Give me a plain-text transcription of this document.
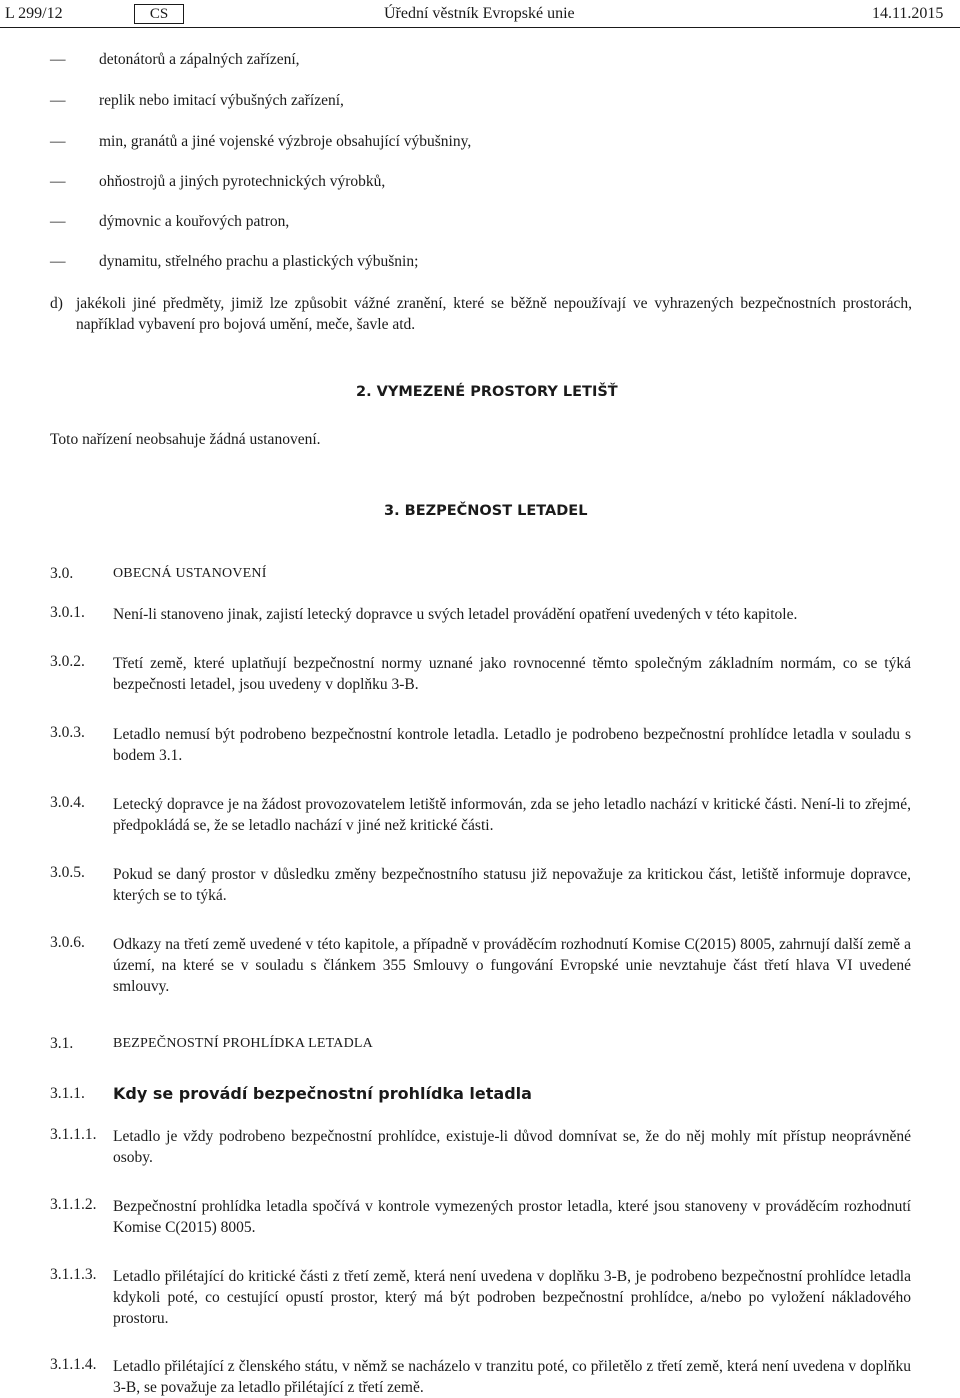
L 299/12	CS	Úřední věstník Evropské unie	14.11.2015
— detonátorů a zápalných zařízení,
— replik nebo imitací výbušných zařízení,
— min, granátů a jiné vojenské výzbroje obsahující výbušniny,
— ohňostrojů a jiných pyrotechnických výrobků,
— dýmovnic a kouřových patron,
— dynamitu, střelného prachu a plastických výbušnin;
d) jakékoli jiné předměty, jimiž lze způsobit vážné zranění, které se běžně nepoužívají ve vyhrazených bezpečnostních prostorách, například vybavení pro bojová umění, meče, šavle atd.
2. VYMEZENÉ PROSTORY LETIŠŤ
Toto nařízení neobsahuje žádná ustanovení.
3. BEZPEČNOST LETADEL
3.0.	OBECNÁ USTANOVENÍ
3.0.1. Není-li stanoveno jinak, zajistí letecký dopravce u svých letadel provádění opatření uvedených v této kapitole.
3.0.2. Třetí země, které uplatňují bezpečnostní normy uznané jako rovnocenné těmto společným základním normám, co se týká bezpečnosti letadel, jsou uvedeny v doplňku 3-B.
3.0.3. Letadlo nemusí být podrobeno bezpečnostní kontrole letadla. Letadlo je podrobeno bezpečnostní prohlídce letadla v souladu s bodem 3.1.
3.0.4. Letecký dopravce je na žádost provozovatelem letiště informován, zda se jeho letadlo nachází v kritické části. Není-li to zřejmé, předpokládá se, že se letadlo nachází v jiné než kritické části.
3.0.5. Pokud se daný prostor v důsledku změny bezpečnostního statusu již nepovažuje za kritickou část, letiště informuje dopravce, kterých se to týká.
3.0.6. Odkazy na třetí země uvedené v této kapitole, a případně v prováděcím rozhodnutí Komise C(2015) 8005, zahrnují další země a území, na které se v souladu s článkem 355 Smlouvy o fungování Evropské unie nevztahuje část třetí hlava VI uvedené smlouvy.
3.1.	BEZPEČNOSTNÍ PROHLÍDKA LETADLA
3.1.1. Kdy se provádí bezpečnostní prohlídka letadla
3.1.1.1. Letadlo je vždy podrobeno bezpečnostní prohlídce, existuje-li důvod domnívat se, že do něj mohly mít přístup neoprávněné osoby.
3.1.1.2. Bezpečnostní prohlídka letadla spočívá v kontrole vymezených prostor letadla, které jsou stanoveny v prováděcím rozhodnutí Komise C(2015) 8005.
3.1.1.3. Letadlo přilétající do kritické části z třetí země, která není uvedena v doplňku 3-B, je podrobeno bezpečnostní prohlídce letadla kdykoli poté, co cestující opustí prostor, který má být podroben bezpečnostní prohlídce, a/nebo po vyložení nákladového prostoru.
3.1.1.4. Letadlo přilétající z členského státu, v němž se nacházelo v tranzitu poté, co přiletělo z třetí země, která není uvedena v doplňku 3-B, se považuje za letadlo přilétající z třetí země.
